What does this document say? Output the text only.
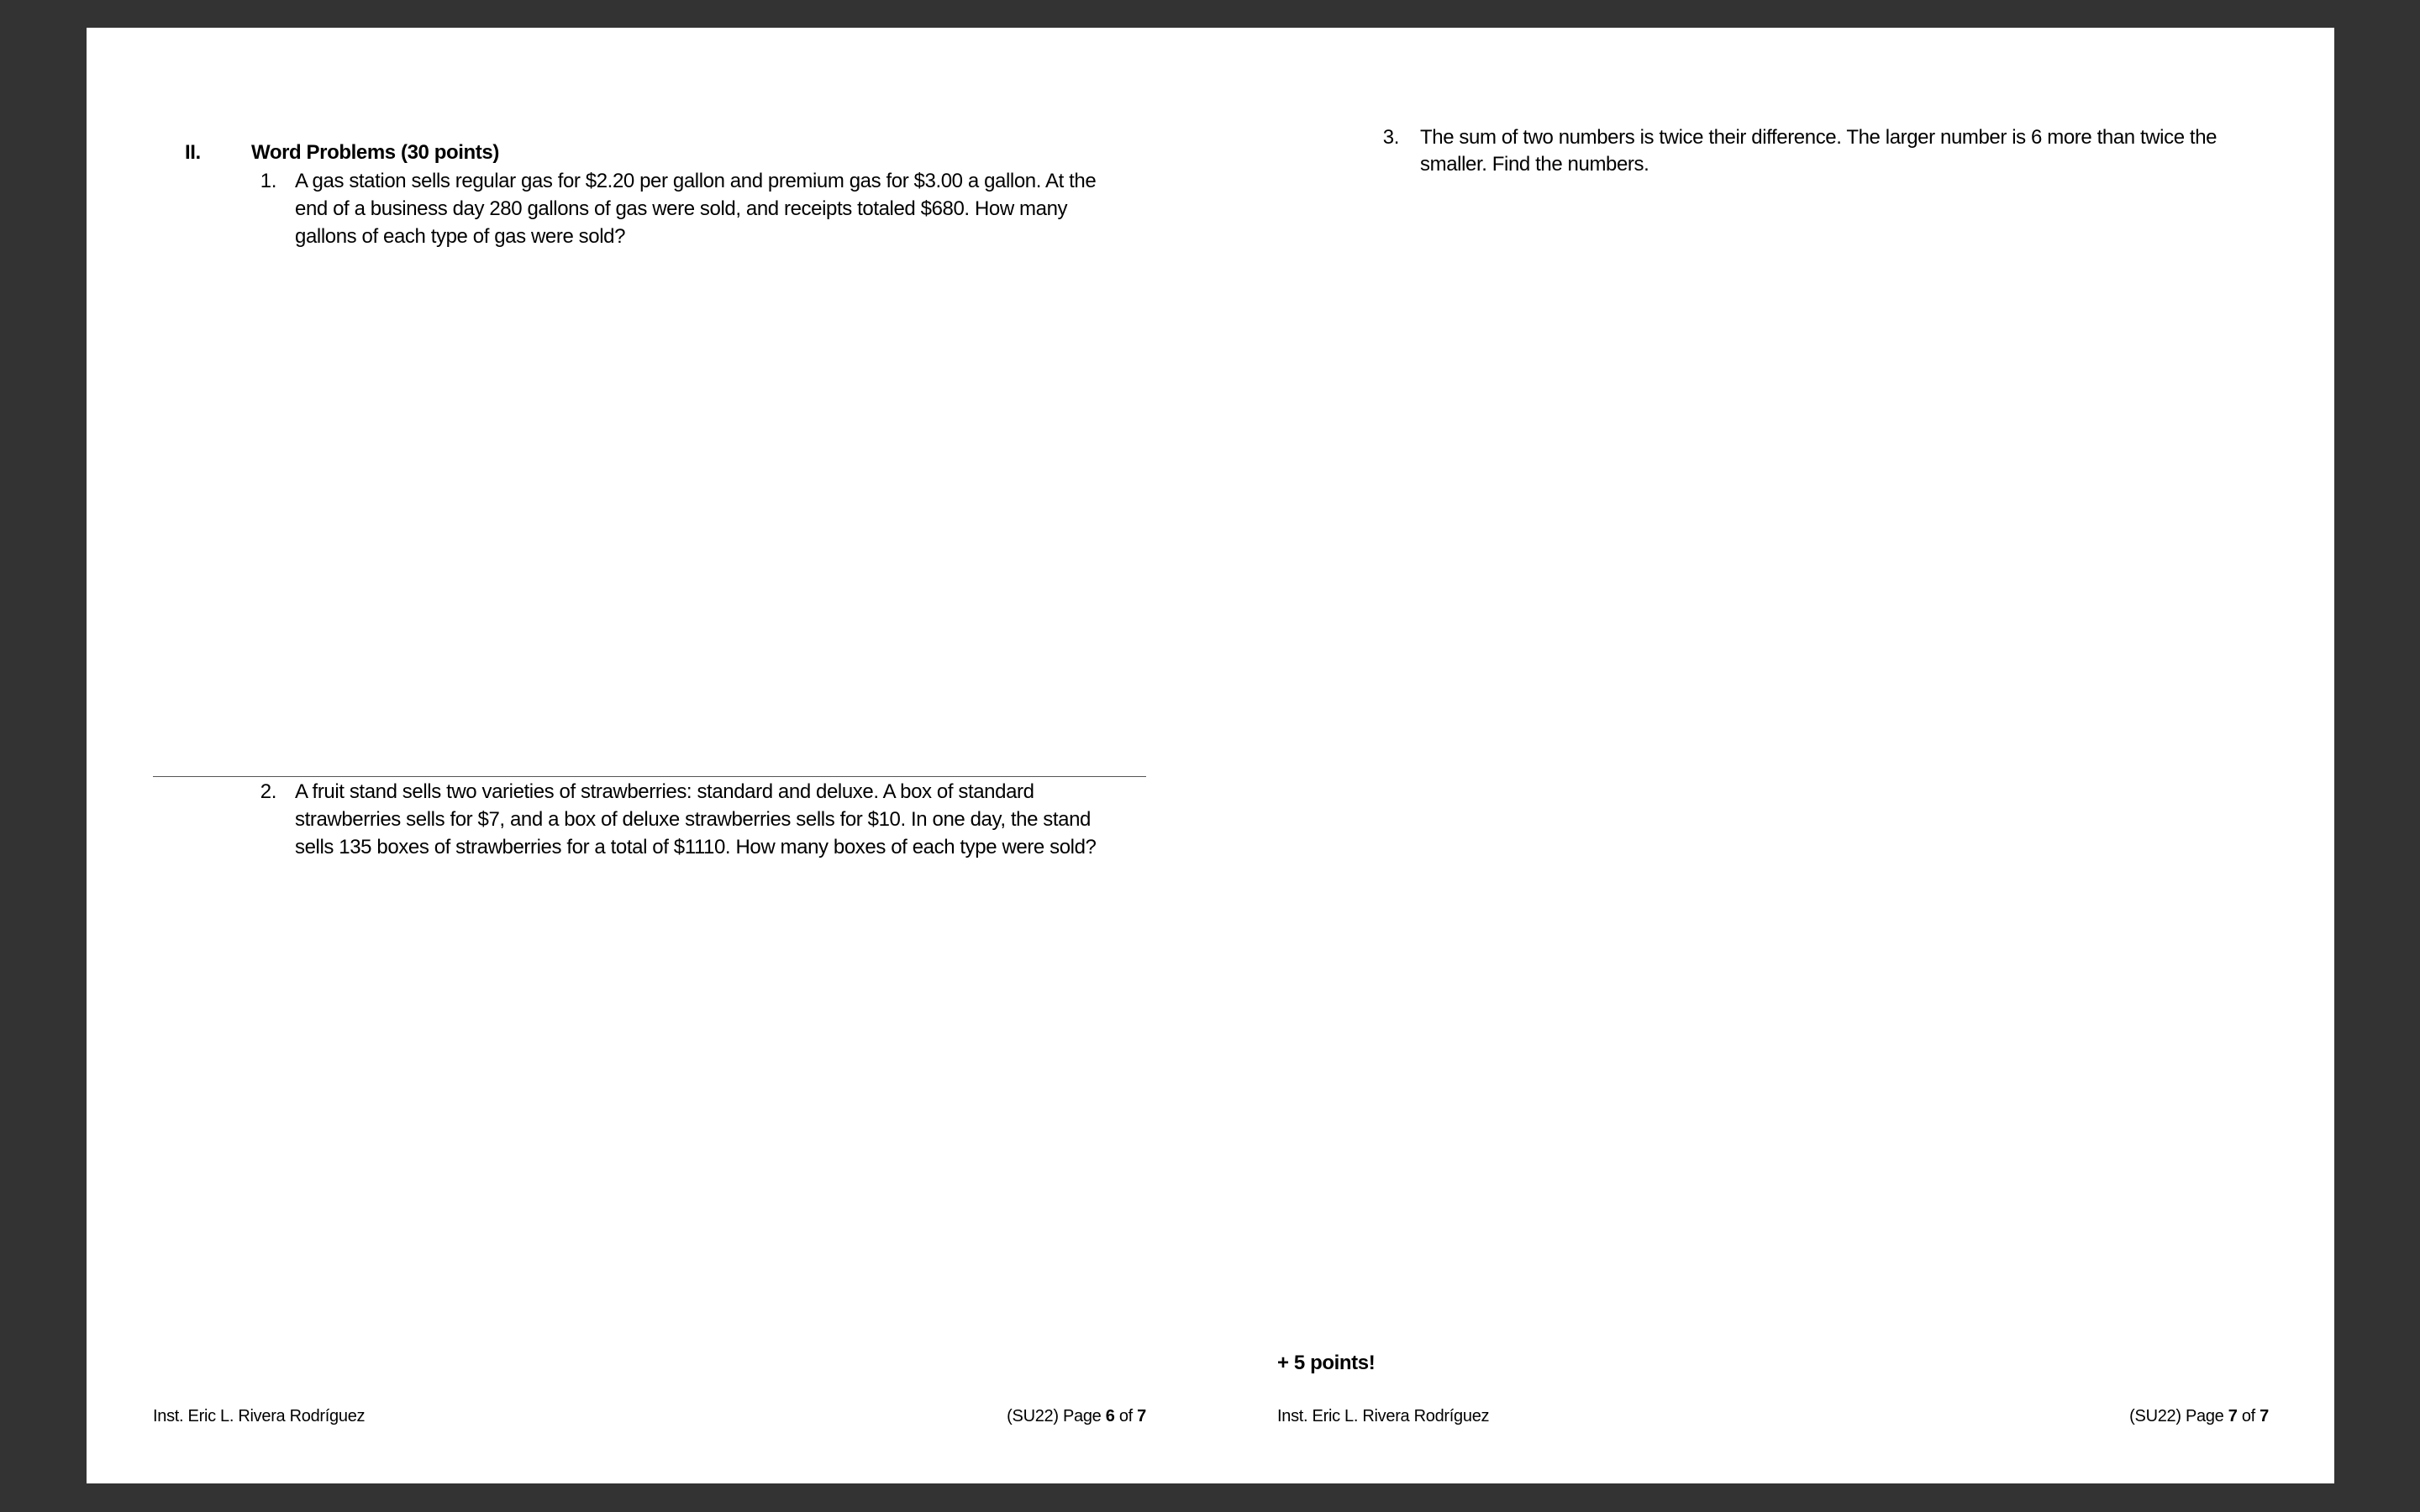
II.	Word Problems (30 points)
1. A gas station sells regular gas for $2.20 per gallon and premium gas for $3.00 a gallon. At the
end of a business day 280 gallons of gas were sold, and receipts totaled $680. How many
gallons of each type of gas were sold?
2. A fruit stand sells two varieties of strawberries: standard and deluxe. A box of standard
strawberries sells for $7, and a box of deluxe strawberries sells for $10. In one day, the stand
sells 135 boxes of strawberries for a total of $1110. How many boxes of each type were sold?
Inst. Eric L. Rivera Rodríguez	(SU22) Page 6 of 7
3. The sum of two numbers is twice their difference. The larger number is 6 more than twice the
smaller. Find the numbers.
+ 5 points!
Inst. Eric L. Rivera Rodríguez	(SU22) Page 7 of 7
